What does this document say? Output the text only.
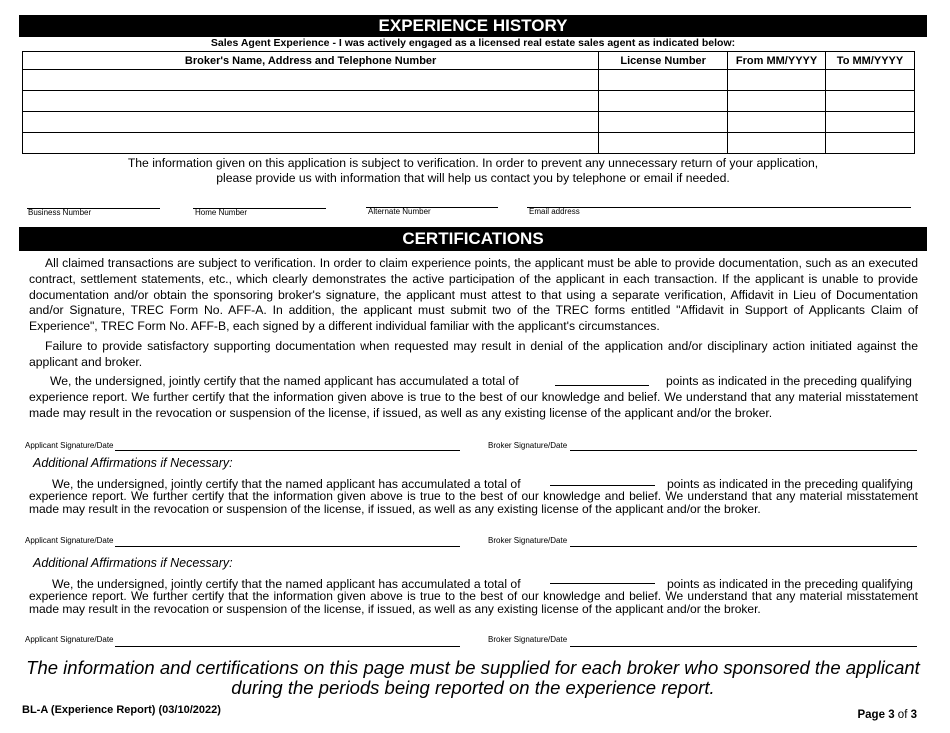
EXPERIENCE HISTORY
Sales Agent Experience - I was actively engaged as a licensed real estate sales agent as indicated below:
Broker's Name, Address and Telephone Number	License Number	From MM/YYYY	To MM/YYYY

The information given on this application is subject to verification. In order to prevent any unnecessary return of your application,
please provide us with information that will help us contact you by telephone or email if needed.
Business Number	Home Number	Alternate Number	Email address
CERTIFICATIONS
All claimed transactions are subject to verification. In order to claim experience points, the applicant must be able to provide documentation, such as an executed contract, settlement statements, etc., which clearly demonstrates the active participation of the applicant in each transaction. If the applicant is unable to provide documentation and/or obtain the sponsoring broker's signature, the applicant must attest to that using a separate verification, Affidavit in Lieu of Documentation and/or Signature, TREC Form No. AFF-A. In addition, the applicant must submit two of the TREC forms entitled "Affidavit in Support of Applicants Claim of Experience", TREC Form No. AFF-B, each signed by a different individual familiar with the applicant's circumstances.
Failure to provide satisfactory supporting documentation when requested may result in denial of the application and/or disciplinary action initiated against the applicant and broker.
We, the undersigned, jointly certify that the named applicant has accumulated a total of	points as indicated in the preceding qualifying
experience report. We further certify that the information given above is true to the best of our knowledge and belief. We understand that any material misstatement made may result in the revocation or suspension of the license, if issued, as well as any existing license of the applicant and/or the broker.
Applicant Signature/Date	Broker Signature/Date
Additional Affirmations if Necessary:
We, the undersigned, jointly certify that the named applicant has accumulated a total of	points as indicated in the preceding qualifying
experience report. We further certify that the information given above is true to the best of our knowledge and belief. We understand that any material misstatement made may result in the revocation or suspension of the license, if issued, as well as any existing license of the applicant and/or the broker.
Applicant Signature/Date	Broker Signature/Date
Additional Affirmations if Necessary:
We, the undersigned, jointly certify that the named applicant has accumulated a total of	points as indicated in the preceding qualifying
experience report. We further certify that the information given above is true to the best of our knowledge and belief. We understand that any material misstatement made may result in the revocation or suspension of the license, if issued, as well as any existing license of the applicant and/or the broker.
Applicant Signature/Date	Broker Signature/Date
The information and certifications on this page must be supplied for each broker who sponsored the applicant
during the periods being reported on the experience report.
BL-A (Experience Report) (03/10/2022)	Page 3 of 3
